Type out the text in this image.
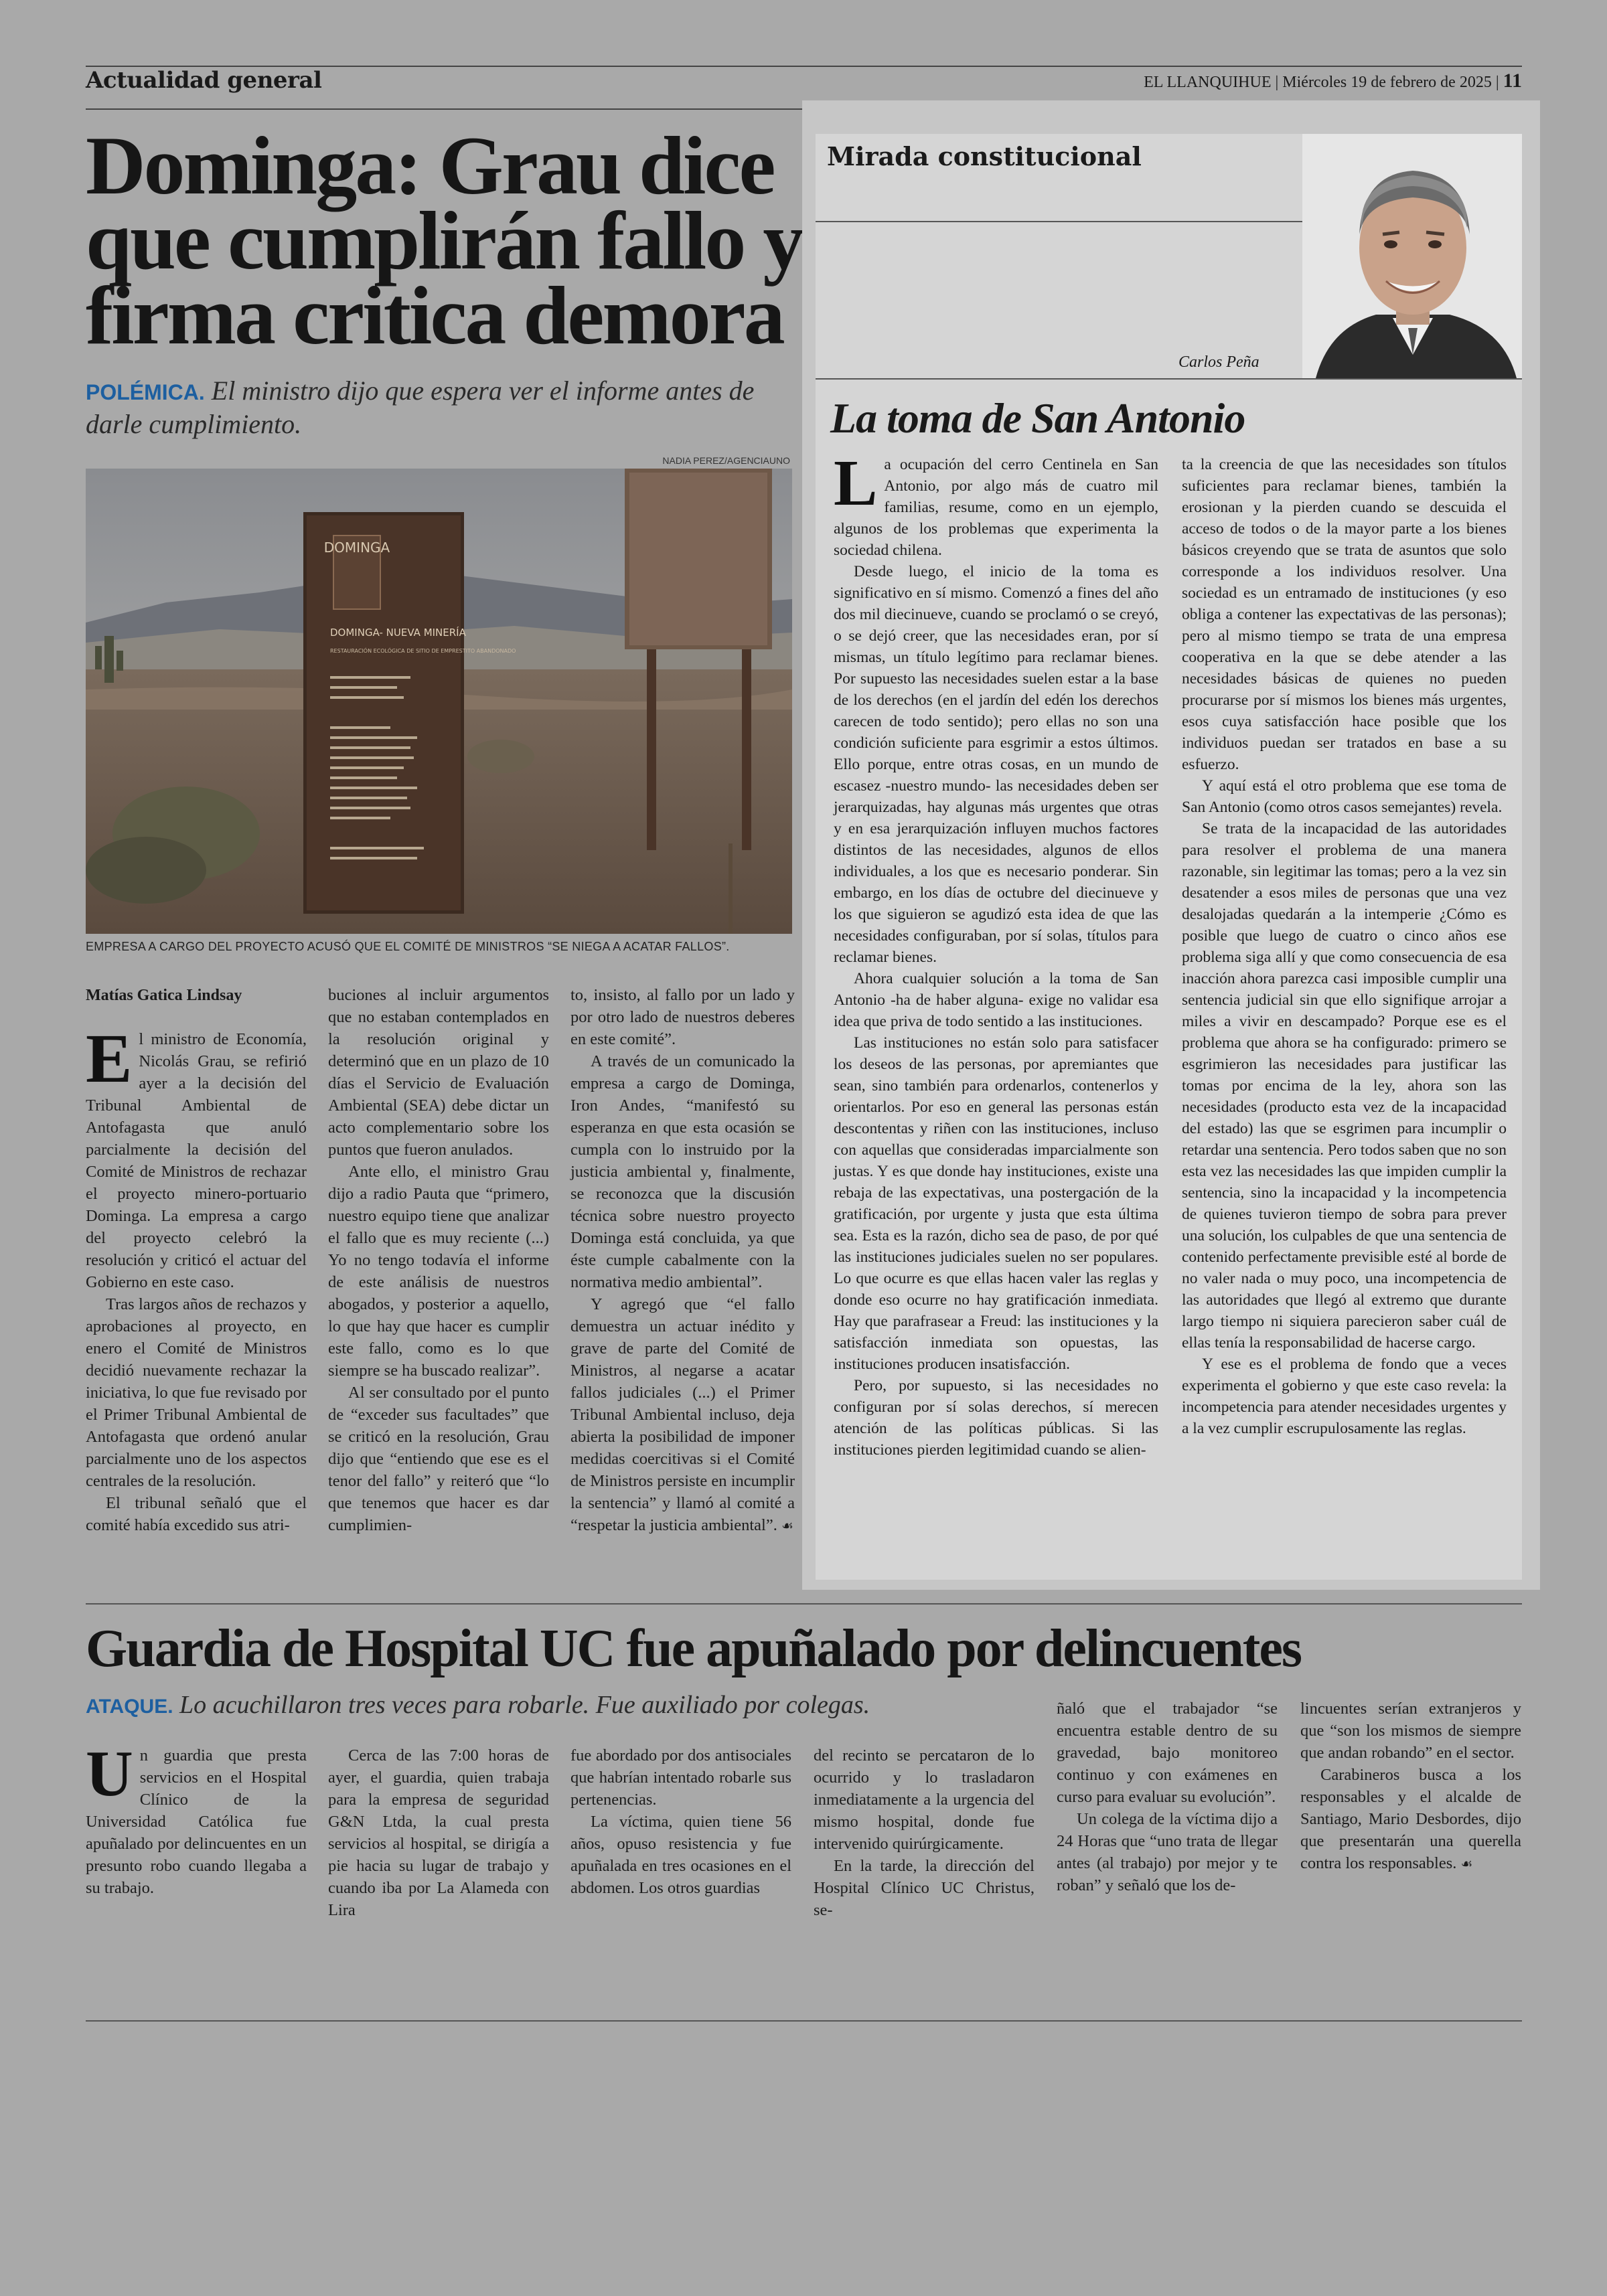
Actualidad general	EL LLANQUIHUE | Miércoles 19 de febrero de 2025 | 11
Dominga: Grau dice que cumplirán fallo y firma critica demora
POLÉMICA. El ministro dijo que espera ver el informe antes de darle cumplimiento.
NADIA PEREZ/AGENCIAUNO
DOMINGA
DOMINGA- NUEVA MINERÍA
RESTAURACIÓN ECOLÓGICA DE SITIO DE EMPRESTITO ABANDONADO
EMPRESA A CARGO DEL PROYECTO ACUSÓ QUE EL COMITÉ DE MINISTROS “SE NIEGA A ACATAR FALLOS”.
Matías Gatica Lindsay

El ministro de Economía, Nicolás Grau, se refirió ayer a la decisión del Tribunal Ambiental de Antofagasta que anuló parcialmente la decisión del Comité de Ministros de rechazar el proyecto minero-portuario Dominga. La empresa a cargo del proyecto celebró la resolución y criticó el actuar del Gobierno en este caso.

Tras largos años de rechazos y aprobaciones al proyecto, en enero el Comité de Ministros decidió nuevamente rechazar la iniciativa, lo que fue revisado por el Primer Tribunal Ambiental de Antofagasta que ordenó anular parcialmente uno de los aspectos centrales de la resolución.

El tribunal señaló que el comité había excedido sus atri-

buciones al incluir argumentos que no estaban contemplados en la resolución original y determinó que en un plazo de 10 días el Servicio de Evaluación Ambiental (SEA) debe dictar un acto complementario sobre los puntos que fueron anulados.

Ante ello, el ministro Grau dijo a radio Pauta que “primero, nuestro equipo tiene que analizar el fallo que es muy reciente (...) Yo no tengo todavía el informe de este análisis de nuestros abogados, y posterior a aquello, lo que hay que hacer es cumplir este fallo, como es lo que siempre se ha buscado realizar”.

Al ser consultado por el punto de “exceder sus facultades” que se criticó en la resolución, Grau dijo que “entiendo que ese es el tenor del fallo” y reiteró que “lo que tenemos que hacer es dar cumplimien-

to, insisto, al fallo por un lado y por otro lado de nuestros deberes en este comité”.

A través de un comunicado la empresa a cargo de Dominga, Iron Andes, “manifestó su esperanza en que esta ocasión se cumpla con lo instruido por la justicia ambiental y, finalmente, se reconozca que la discusión técnica sobre nuestro proyecto Dominga está concluida, ya que éste cumple cabalmente con la normativa medio ambiental”.

Y agregó que “el fallo demuestra un actuar inédito y grave de parte del Comité de Ministros, al negarse a acatar fallos judiciales (...) el Primer Tribunal Ambiental incluso, deja abierta la posibilidad de imponer medidas coercitivas si el Comité de Ministros persiste en incumplir la sentencia” y llamó al comité a “respetar la justicia ambiental”. ☙

Mirada constitucional
Carlos Peña
La toma de San Antonio

La ocupación del cerro Centinela en San Antonio, por algo más de cuatro mil familias, resume, como en un ejemplo, algunos de los problemas que experimenta la sociedad chilena.

Desde luego, el inicio de la toma es significativo en sí mismo. Comenzó a fines del año dos mil diecinueve, cuando se proclamó o se creyó, o se dejó creer, que las necesidades eran, por sí mismas, un título legítimo para reclamar bienes. Por supuesto las necesidades suelen estar a la base de los derechos (en el jardín del edén los derechos carecen de todo sentido); pero ellas no son una condición suficiente para esgrimir a estos últimos. Ello porque, entre otras cosas, en un mundo de escasez -nuestro mundo- las necesidades deben ser jerarquizadas, hay algunas más urgentes que otras y en esa jerarquización influyen muchos factores distintos de las necesidades, algunos de ellos individuales, a los que es necesario ponderar. Sin embargo, en los días de octubre del diecinueve y los que siguieron se agudizó esta idea de que las necesidades configuraban, por sí solas, títulos para reclamar bienes.

Ahora cualquier solución a la toma de San Antonio -ha de haber alguna- exige no validar esa idea que priva de todo sentido a las instituciones.

Las instituciones no están solo para satisfacer los deseos de las personas, por apremiantes que sean, sino también para ordenarlos, contenerlos y orientarlos. Por eso en general las personas están descontentas y riñen con las instituciones, incluso con aquellas que consideradas imparcialmente son justas. Y es que donde hay instituciones, existe una rebaja de las expectativas, una postergación de la gratificación, por urgente y justa que esta última sea. Esta es la razón, dicho sea de paso, de por qué las instituciones judiciales suelen no ser populares. Lo que ocurre es que ellas hacen valer las reglas y donde eso ocurre no hay gratificación inmediata. Hay que parafrasear a Freud: las instituciones y la satisfacción inmediata son opuestas, las instituciones producen insatisfacción.

Pero, por supuesto, si las necesidades no configuran por sí solas derechos, sí merecen atención de las políticas públicas. Si las instituciones pierden legitimidad cuando se alien-

ta la creencia de que las necesidades son títulos suficientes para reclamar bienes, también la erosionan y la pierden cuando se descuida el acceso de todos o de la mayor parte a los bienes básicos creyendo que se trata de asuntos que solo corresponde a los individuos resolver. Una sociedad es un entramado de instituciones (y eso obliga a contener las expectativas de las personas); pero al mismo tiempo se trata de una empresa cooperativa en la que se debe atender a las necesidades básicas de quienes no pueden procurarse por sí mismos los bienes más urgentes, esos cuya satisfacción hace posible que los individuos puedan ser tratados en base a su esfuerzo.

Y aquí está el otro problema que ese toma de San Antonio (como otros casos semejantes) revela.

Se trata de la incapacidad de las autoridades para resolver el problema de una manera razonable, sin legitimar las tomas; pero a la vez sin desatender a esos miles de personas que una vez desalojadas quedarán a la intemperie ¿Cómo es posible que luego de cuatro o cinco años ese problema siga allí y que como consecuencia de esa inacción ahora parezca casi imposible cumplir una sentencia judicial sin que ello signifique arrojar a miles a vivir en descampado? Porque ese es el problema que ahora se ha configurado: primero se esgrimieron las necesidades para justificar las tomas por encima de la ley, ahora son las necesidades (producto esta vez de la incapacidad del estado) las que se esgrimen para incumplir o retardar una sentencia. Pero todos saben que no son esta vez las necesidades las que impiden cumplir la sentencia, sino la incapacidad y la incompetencia de quienes tuvieron tiempo de sobra para prever una solución, los culpables de que una sentencia de contenido perfectamente previsible esté al borde de no valer nada o muy poco, una incompetencia de las autoridades que llegó al extremo que durante largo tiempo ni siquiera parecieron saber cuál de ellas tenía la responsabilidad de hacerse cargo.

Y ese es el problema de fondo que a veces experimenta el gobierno y que este caso revela: la incompetencia para atender necesidades urgentes y a la vez cumplir escrupulosamente las reglas.

Guardia de Hospital UC fue apuñalado por delincuentes
ATAQUE. Lo acuchillaron tres veces para robarle. Fue auxiliado por colegas.

Un guardia que presta servicios en el Hospital Clínico de la Universidad Católica fue apuñalado por delincuentes en un presunto robo cuando llegaba a su trabajo.

Cerca de las 7:00 horas de ayer, el guardia, quien trabaja para la empresa de seguridad G&N Ltda, la cual presta servicios al hospital, se dirigía a pie hacia su lugar de trabajo y cuando iba por La Alameda con Lira

fue abordado por dos antisociales que habrían intentado robarle sus pertenencias.

La víctima, quien tiene 56 años, opuso resistencia y fue apuñalada en tres ocasiones en el abdomen. Los otros guardias

del recinto se percataron de lo ocurrido y lo trasladaron inmediatamente a la urgencia del mismo hospital, donde fue intervenido quirúrgicamente.

En la tarde, la dirección del Hospital Clínico UC Christus, se-

ñaló que el trabajador “se encuentra estable dentro de su gravedad, bajo monitoreo continuo y con exámenes en curso para evaluar su evolución”.

Un colega de la víctima dijo a 24 Horas que “uno trata de llegar antes (al trabajo) por mejor y te roban” y señaló que los de-

lincuentes serían extranjeros y que “son los mismos de siempre que andan robando” en el sector.

Carabineros busca a los responsables y el alcalde de Santiago, Mario Desbordes, dijo que presentarán una querella contra los responsables. ☙
